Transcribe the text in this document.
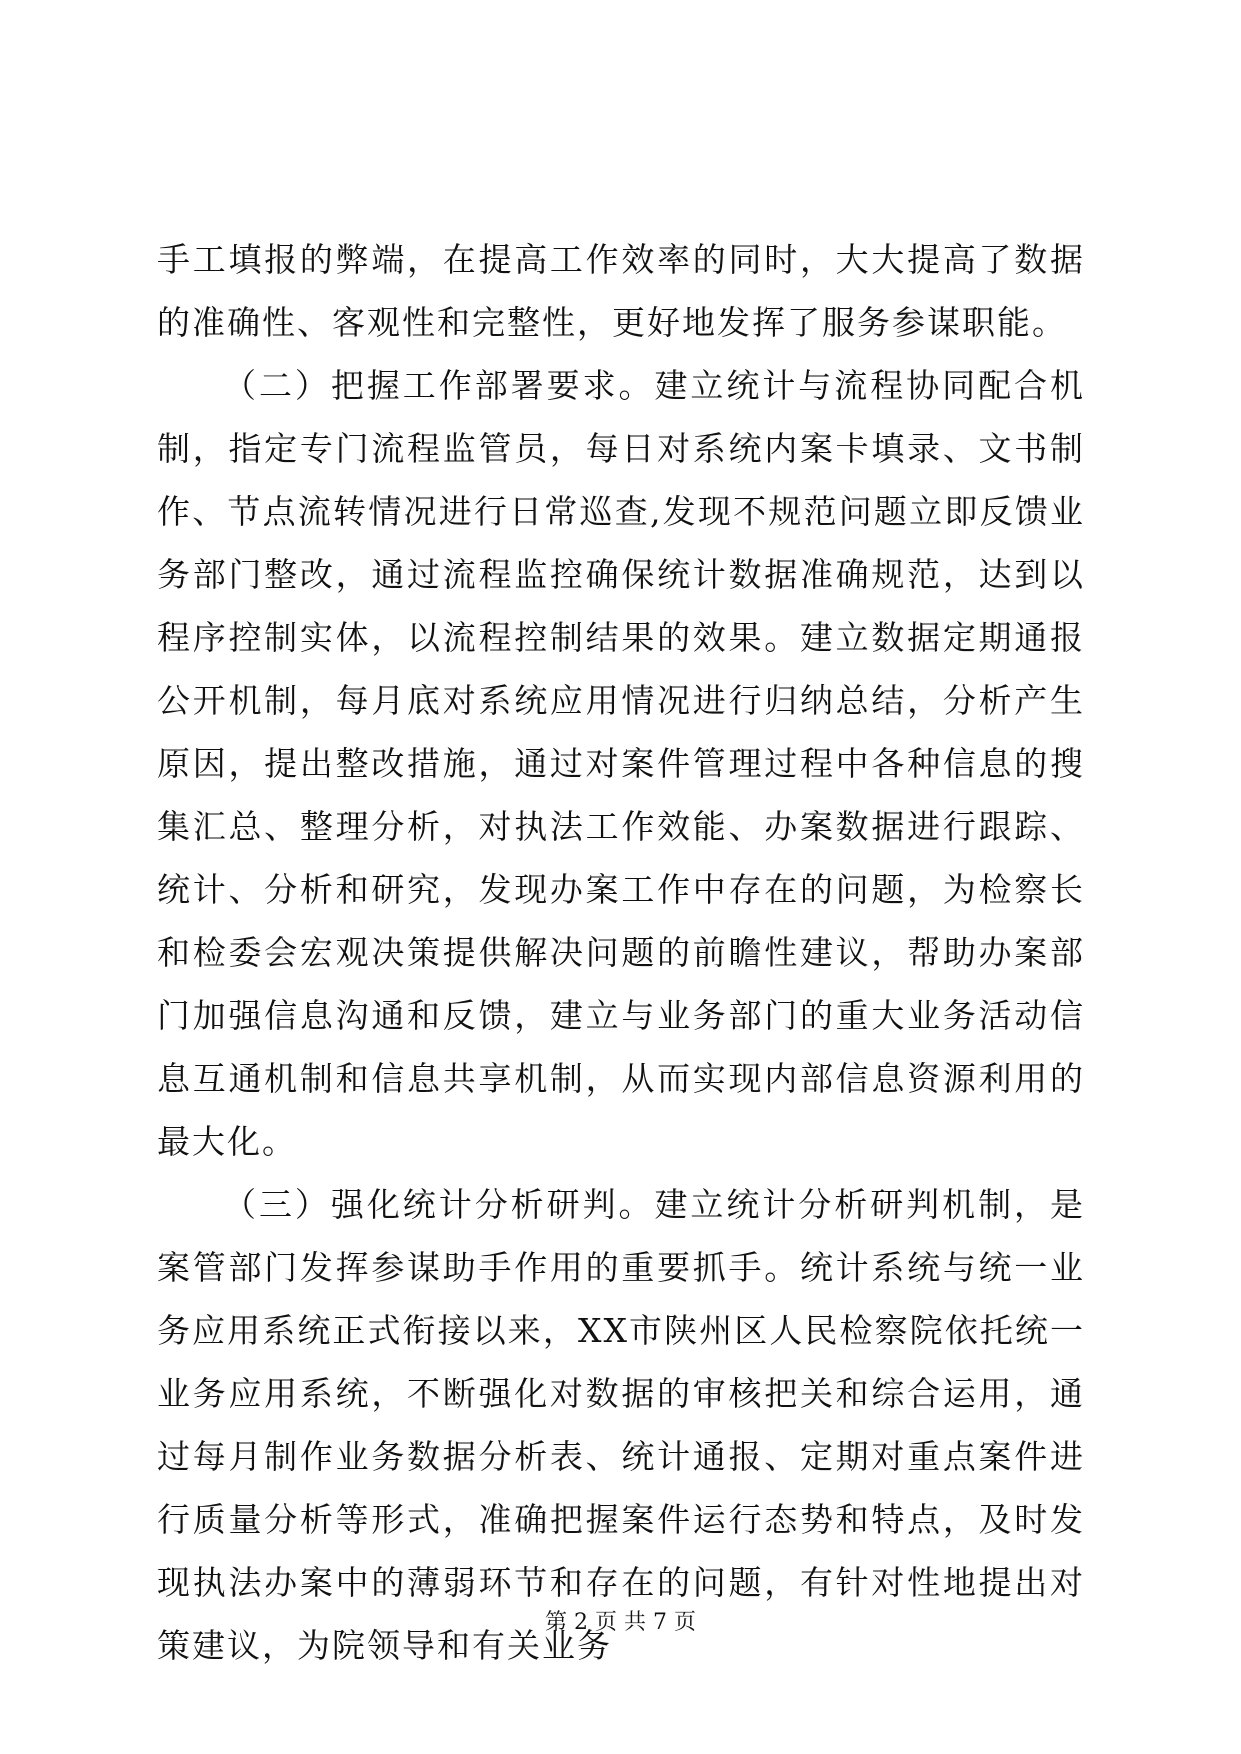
手工填报的弊端，在提高工作效率的同时，大大提高了数据的准确性、客观性和完整性，更好地发挥了服务参谋职能。

（二）把握工作部署要求。建立统计与流程协同配合机制，指定专门流程监管员，每日对系统内案卡填录、文书制作、节点流转情况进行日常巡查,发现不规范问题立即反馈业务部门整改，通过流程监控确保统计数据准确规范，达到以程序控制实体，以流程控制结果的效果。建立数据定期通报公开机制，每月底对系统应用情况进行归纳总结，分析产生原因，提出整改措施，通过对案件管理过程中各种信息的搜集汇总、整理分析，对执法工作效能、办案数据进行跟踪、统计、分析和研究，发现办案工作中存在的问题，为检察长和检委会宏观决策提供解决问题的前瞻性建议，帮助办案部门加强信息沟通和反馈，建立与业务部门的重大业务活动信息互通机制和信息共享机制，从而实现内部信息资源利用的最大化。

（三）强化统计分析研判。建立统计分析研判机制，是案管部门发挥参谋助手作用的重要抓手。统计系统与统一业务应用系统正式衔接以来，XX市陕州区人民检察院依托统一业务应用系统，不断强化对数据的审核把关和综合运用，通过每月制作业务数据分析表、统计通报、定期对重点案件进行质量分析等形式，准确把握案件运行态势和特点，及时发现执法办案中的薄弱环节和存在的问题，有针对性地提出对策建议，为院领导和有关业务

第 2 页 共 7 页
